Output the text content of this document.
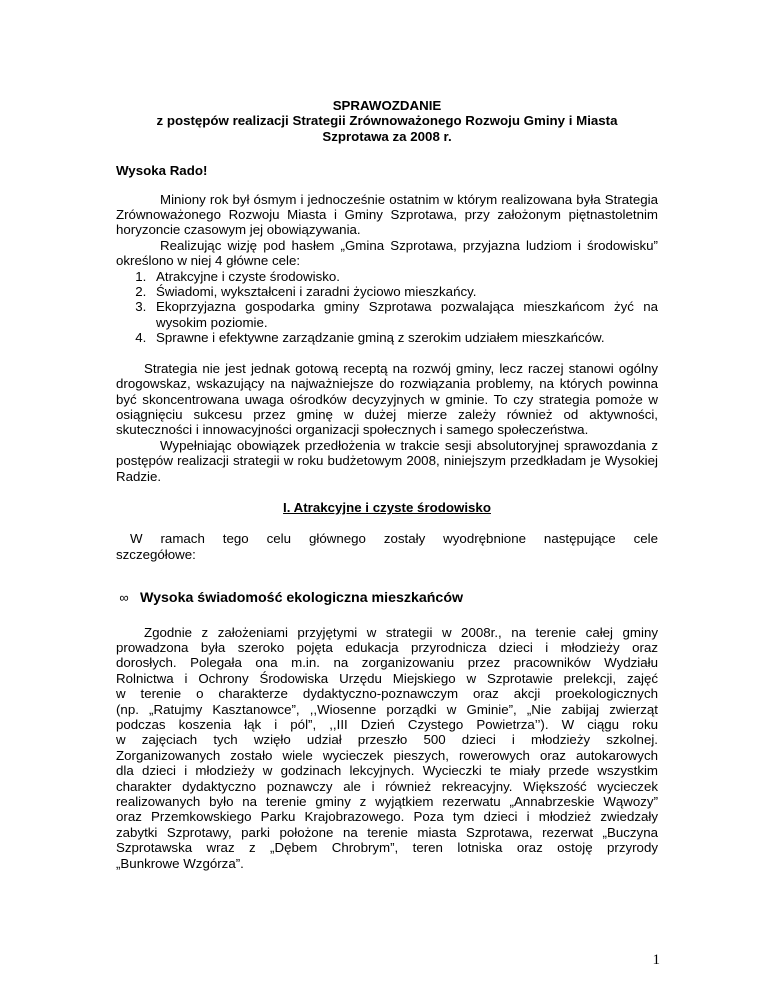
SPRAWOZDANIE

z postępów realizacji Strategii Zrównoważonego Rozwoju Gminy i Miasta

Szprotawa za 2008 r.

Wysoka Rado!

Miniony rok był ósmym i jednocześnie ostatnim w którym realizowana była Strategia Zrównoważonego Rozwoju Miasta i Gminy Szprotawa, przy założonym piętnastoletnim horyzoncie czasowym jej obowiązywania.

Realizując wizję pod hasłem „Gmina Szprotawa, przyjazna ludziom i środowisku” określono w niej 4 główne cele:

1. Atrakcyjne i czyste środowisko.
2. Świadomi, wykształceni i zaradni życiowo mieszkańcy.
3. Ekoprzyjazna gospodarka gminy Szprotawa pozwalająca mieszkańcom żyć na wysokim poziomie.
4. Sprawne i efektywne zarządzanie gminą z szerokim udziałem mieszkańców.

Strategia nie jest jednak gotową receptą na rozwój gminy, lecz raczej stanowi ogólny drogowskaz, wskazujący na najważniejsze do rozwiązania problemy, na których powinna być skoncentrowana uwaga ośrodków decyzyjnych w gminie. To czy strategia pomoże w osiągnięciu sukcesu przez gminę w dużej mierze zależy również od aktywności, skuteczności i innowacyjności organizacji społecznych i samego społeczeństwa.

Wypełniając obowiązek przedłożenia w trakcie sesji absolutoryjnej sprawozdania z postępów realizacji strategii w roku budżetowym 2008, niniejszym przedkładam je Wysokiej Radzie.

I. Atrakcyjne i czyste środowisko

W ramach tego celu głównego zostały wyodrębnione następujące cele

szczegółowe:

∞ Wysoka świadomość ekologiczna mieszkańców

Zgodnie z założeniami przyjętymi w strategii w 2008r., na terenie całej gminy

prowadzona była szeroko pojęta edukacja przyrodnicza dzieci i młodzieży oraz

dorosłych. Polegała ona m.in. na zorganizowaniu przez pracowników Wydziału

Rolnictwa i Ochrony Środowiska Urzędu Miejskiego w Szprotawie prelekcji, zajęć

w terenie o charakterze dydaktyczno-poznawczym oraz akcji proekologicznych

(np. „Ratujmy Kasztanowce”, ,,Wiosenne porządki w Gminie”, „Nie zabijaj zwierząt

podczas koszenia łąk i pól”, ,,III Dzień Czystego Powietrza’’). W ciągu roku

w zajęciach tych wzięło udział przeszło 500 dzieci i młodzieży szkolnej.

Zorganizowanych zostało wiele wycieczek pieszych, rowerowych oraz autokarowych

dla dzieci i młodzieży w godzinach lekcyjnych. Wycieczki te miały przede wszystkim

charakter dydaktyczno poznawczy ale i również rekreacyjny. Większość wycieczek

realizowanych było na terenie gminy z wyjątkiem rezerwatu „Annabrzeskie Wąwozy”

oraz Przemkowskiego Parku Krajobrazowego. Poza tym dzieci i młodzież zwiedzały

zabytki Szprotawy, parki położone na terenie miasta Szprotawa, rezerwat „Buczyna

Szprotawska wraz z „Dębem Chrobrym”, teren lotniska oraz ostoję przyrody

„Bunkrowe Wzgórza”.

1
